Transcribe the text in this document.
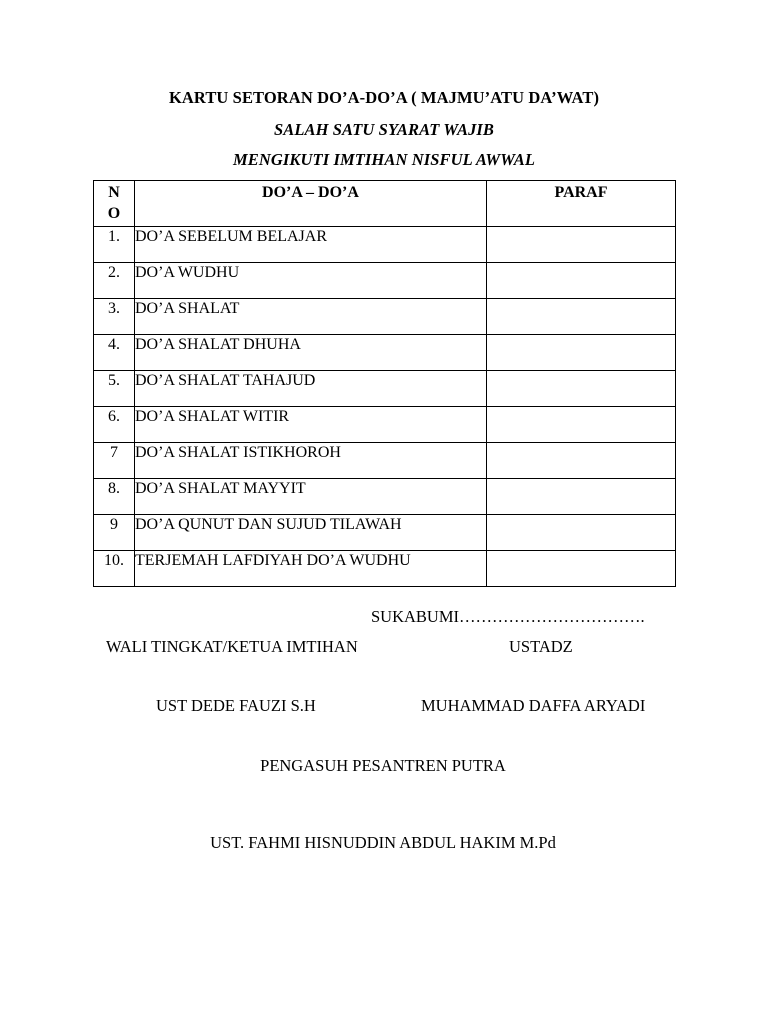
KARTU SETORAN DO’A-DO’A ( MAJMU’ATU DA’WAT)
SALAH SATU SYARAT WAJIB
MENGIKUTI IMTIHAN NISFUL AWWAL
N
O	DO’A – DO’A	PARAF
1.	DO’A SEBELUM BELAJAR	
2.	DO’A WUDHU	
3.	DO’A SHALAT	
4.	DO’A SHALAT DHUHA	
5.	DO’A SHALAT TAHAJUD	
6.	DO’A SHALAT WITIR	
7	DO’A SHALAT ISTIKHOROH	
8.	DO’A SHALAT MAYYIT	
9	DO’A QUNUT DAN SUJUD TILAWAH	
10.	TERJEMAH LAFDIYAH DO’A WUDHU	
SUKABUMI…………………………….
WALI TINGKAT/KETUA IMTIHAN	USTADZ
UST DEDE FAUZI S.H	MUHAMMAD DAFFA ARYADI
PENGASUH PESANTREN PUTRA
UST. FAHMI HISNUDDIN ABDUL HAKIM M.Pd
